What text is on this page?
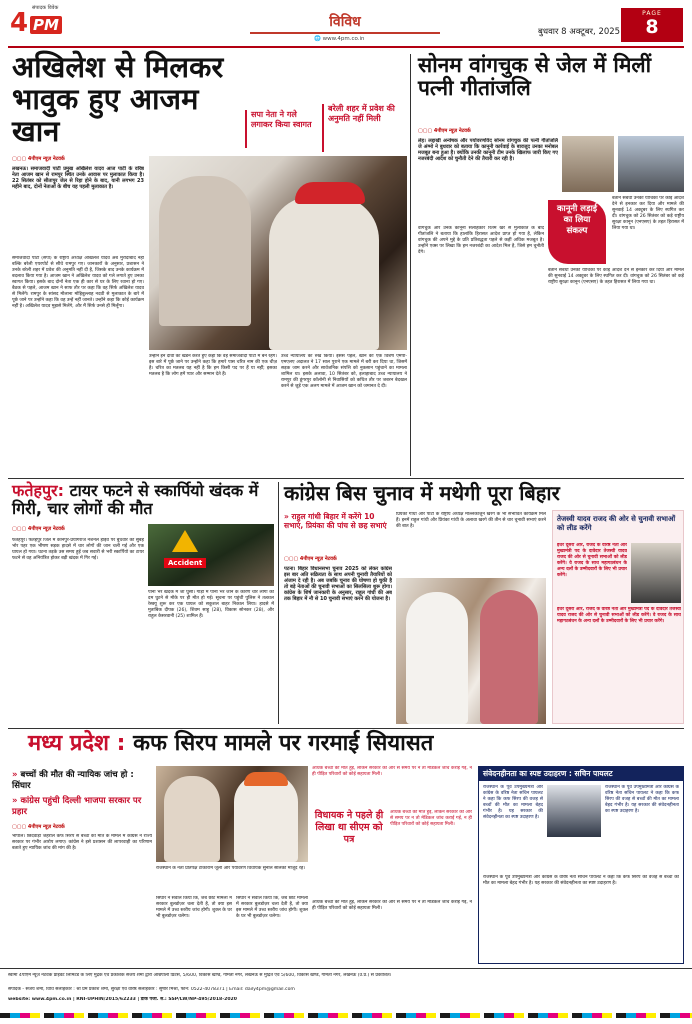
संपादक विवेक
4 PM	विविध
🌐 www.4pm.co.in
बुधवार 8 अक्टूबर, 2025
PAGE
8
अखिलेश से मिलकर भावुक हुए आजम खान	सपा नेता ने गले लगाकर किया स्वागत
बरेली शहर में प्रवेश की अनुमति नहीं मिली
▢▢▢ 4पीएम न्यूज़ नेटवर्क
लखनऊ। समाजवादी पार्टी प्रमुख अखिलेश यादव आज पार्टी के वरिष्ठ नेता आजम खान से रामपुर स्थित उनके आवास पर मुलाकात किया है। 22 सितंबर को सीतापुर जेल से रिहा होने के बाद, यानी लगभग 23 महीने बाद, दोनों नेताओं के बीच यह पहली मुलाकात है।
समाजवादी पार्टी (सपा) के राष्ट्रीय अध्यक्ष अखिलेश यादव अब मुरादाबाद नहीं बल्कि बरेली एयरपोर्ट से सीधे रामपुर गए। जानकारों के अनुसार, प्रशासन ने उनके बरेली शहर में प्रवेश की अनुमति नहीं दी है, जिसके बाद उनके कार्यक्रम में बदलाव किया गया है। आजम खान ने अखिलेश यादव को गले लगाते हुए उनका स्वागत किया। इसके बाद दोनों नेता एक ही कार से घर के लिए रवाना हो गए। बैठक से पहले, आजम खान ने साफ तौर पर कहा कि वह सिर्फ अखिलेश यादव से मिलेंगे। रामपुर के सांसद मौलाना मोहिबुल्लाह नदवी से मुलाकात के बारे में पूछे जाने पर उन्होंने कहा कि वह उन्हें नहीं जानते। उन्होंने कहा कि कोई कार्यक्रम नहीं है। अखिलेश यादव मुझसे मिलेंगे, और मैं सिर्फ उनसे ही मिलूँगा।
उन्होंने इन दावों का खंडन करते हुए कहा कि वह समाजवादी पार्टी में बने रहेंगे। इस बारे में पूछे जाने पर उन्होंने कहा कि हमारे पास चरित्र नाम की एक चीज़ है। चरित्र का मतलब यह नहीं है कि हम किसी पद पर हैं या नहीं; इसका मतलब है कि लोग हमें प्यार और सम्मान देते हैं।
उच्च न्यायालय का रुख किया। इससे पहले, खान को एक विशेष एमपी-एमएलए अदालत ने 17 साल पुराने एक मामले में बरी कर दिया था, जिसमें सड़क जाम करने और सार्वजनिक संपत्ति को नुकसान पहुंचाने का मामला शामिल था। इसके अलावा, 10 सितंबर को, इलाहाबाद उच्च न्यायालय ने रामपुर की डूंगरपुर कॉलोनी से निवासियों को कथित तौर पर जबरन बेदखल करने से जुड़े एक अलग मामले में आजम खान को जमानत दे दी।
सोनम वांगचुक से जेल में मिलीं पत्नी गीतांजलि
▢▢▢ 4पीएम न्यूज़ नेटवर्क
लेह। लद्दाखी अन्वेषक और पर्यावरणविद सोनम वांगचुक की पत्नी गीतांजलि जे अंग्मो ने बुधवार को बताया कि कानूनी कार्रवाई के बावजूद उनका मनोबल मजबूत बना हुआ है। क्योंकि उनकी कानूनी टीम उनके खिलाफ जारी किए गए नजरबंदी आदेश को चुनौती देने की तैयारी कर रही है।
कानूनी लड़ाई का लिया संकल्प
वांगचुक और उनके कानूनी सलाहकार रितम खरे से मुलाकात के बाद गीतांजलि ने बताया कि हालांकि हिरासत आदेश प्राप्त हो गया है, लेकिन वांगचुक की अपने मुद्दे के प्रति प्रतिबद्धता पहले से कहीं अधिक मजबूत है। उन्होंने एक्स पर लिखा कि हम नजरबंदी का आदेश मिल है, जिसे हम चुनौती देंगे।
बताने संबंधी उनकी याचिका पर कोई आदेश देने से इनकार कर दिया और मामले की सुनवाई 14 अक्टूबर के लिए स्थगित कर दी। वांगचुक को 26 सितंबर को कड़े राष्ट्रीय सुरक्षा कानून (एनएसए) के तहत हिरासत में लिया गया था।
बताने संबंधी उनकी याचिका पर कोई आदेश देने से इनकार कर दिया और मामले की सुनवाई 14 अक्टूबर के लिए स्थगित कर दी। वांगचुक को 26 सितंबर को कड़े राष्ट्रीय सुरक्षा कानून (एनएसए) के तहत हिरासत में लिया गया था।
फतेहपुर: टायर फटने से स्कार्पियो खंदक में गिरी, चार लोगों की मौत
▢▢▢ 4पीएम न्यूज़ नेटवर्क
Accident
फतेहपुर। फतेहपुर जिले में कानपुर-प्रयागराज नेशनल हाईवे पर बुधवार की सुबह भोर पहर एक भीषण सड़क हादसे में चार लोगों की जान चली गई और एक घायल हो गया। घटना तड़के उस समय हुई जब सवारी से भरी स्कार्पियो का टायर फटने से वह अनियंत्रित होकर बड़ी खंदक में गिर गई।
पानी भरे खंदक में जा घुसी। गाड़ी में पानी भर जाने के कारण चार लोगों की दम घुटने से मौके पर ही मौत हो गई। सूचना पर पहुंची पुलिस ने तत्काल रेस्क्यू शुरू कर एक घायल को सकुशल बाहर निकाल लिया। हादसे में मुताबिक दीपक (26), शिवम साहू (28), विकास सोनकर (28), और राहुल केसरवानी (25) शामिल हैं।
कांग्रेस बिस चुनाव में मथेगी पूरा बिहार
» राहुल गांधी बिहार में करेंगे 10 सभाएं, प्रियंका की पांच से छह सभाएं
▢▢▢ 4पीएम न्यूज़ नेटवर्क
पटना। बिहार विधानसभा चुनाव 2025 को लेकर कांग्रेस इस बार अति सक्रियता के साथ अपनी चुनावी तैयारियों को अंजाम दे रही है। अब जबकि चुनाव की घोषणा हो चुकी है तो बड़े नेताओं की चुनावी सभाओं का सिलसिला शुरू होगा। कांग्रेस के शिर्ष जानकारी के अनुसार, राहुल गांधी की अब तक बिहार में नौ से 10 चुनावी सभाएं करने की योजना है।
प्रियंका गांधी और पार्टी के राष्ट्रीय अध्यक्ष मल्लिकार्जुन खरगे के भी संभावित कार्यक्रम मिले हैं। इनमें राहुल गांधी और प्रियंका गांधी के अलावा खरगे की तीन से चार चुनावी सभाएं करने की बात है।
तेजस्वी यादव राजद की ओर से चुनावी सभाओं को लीड करेंगे
इधर दूसरी ओर, राजद के वरिष्ठ नेता और मुख्यमंत्री पद के दावेदार तेजस्वी यादव राजद की ओर से चुनावी सभाओं को लीड करेंगे। वे राजद के साथ महागठबंधन के अन्य दलों के उम्मीदवारों के लिए भी प्रचार करेंगे।
इधर दूसरी ओर, राजद के वरिष्ठ नेता और मुख्यमंत्री पद के दावेदार तेजस्वी यादव राजद की ओर से चुनावी सभाओं को लीड करेंगे। वे राजद के साथ महागठबंधन के अन्य दलों के उम्मीदवारों के लिए भी प्रचार करेंगे।
मध्य प्रदेश : कफ सिरप मामले पर गरमाई सियासत
» बच्चों की मौत की न्यायिक जांच हो : सिंघार
» कांग्रेस पहुंची दिल्ली भाजपा सरकार पर प्रहार
▢▢▢ 4पीएम न्यूज़ नेटवर्क
भोपाल। छिंदवाड़ा जहरीले कफ सिरप से बच्चों की मौत के मामले में कांग्रेस ने राज्य सरकार पर गंभीर आरोप लगाए। कांग्रेस ने इसे प्रशासन की लापरवाही का परिणाम बताते हुए न्यायिक जांच की मांग की है।
राजस्थान के नेता प्रतिपक्ष टीकाराम जूली और पर्यावरण विधायक सुनील सोलंकी मौजूद रहे।
सिंघार ने सवाल किया कि, जब छोटे मामलों में सरकार बुलडोज़र चला देती है, तो क्या इस मामले में उच्च स्तरीय जांच होगी। शुक्ल के घर भी बुलडोज़र चलेगा।
सिंघार ने सवाल किया कि, जब छोटे मामलों में सरकार बुलडोज़र चला देती है, तो क्या इस मामले में उच्च स्तरीय जांच होगी। शुक्ल के घर भी बुलडोज़र चलेगा।
अधिक बच्चों की मौत हुई, लेकिन सरकार की ओर से समय पर न तो मेडिकल जांच कराई गई, न ही पीड़ित परिवारों को कोई सहायता मिली।
विधायक ने पहले ही लिखा था सीएम को पत्र
अधिक बच्चों की मौत हुई, लेकिन सरकार की ओर से समय पर न तो मेडिकल जांच कराई गई, न ही पीड़ित परिवारों को कोई सहायता मिली।
अधिक बच्चों की मौत हुई, लेकिन सरकार की ओर से समय पर न तो मेडिकल जांच कराई गई, न ही पीड़ित परिवारों को कोई सहायता मिली।
संवेदनहीनता का स्पष्ट उदाहरण : सचिन पायलट
राजस्थान के पूर्व उपमुख्यमंत्री और कांग्रेस के वरिष्ठ नेता सचिन पायलट ने कहा कि कफ सिरप की वजह से बच्चों की मौत का मामला बेहद गंभीर है। यह सरकार की संवेदनहीनता का स्पष्ट उदाहरण है।
राजस्थान के पूर्व उपमुख्यमंत्री और कांग्रेस के वरिष्ठ नेता सचिन पायलट ने कहा कि कफ सिरप की वजह से बच्चों की मौत का मामला बेहद गंभीर है। यह सरकार की संवेदनहीनता का स्पष्ट उदाहरण है।
राजस्थान के पूर्व उपमुख्यमंत्री और कांग्रेस के वरिष्ठ नेता सचिन पायलट ने कहा कि कफ सिरप की वजह से बच्चों की मौत का मामला बेहद गंभीर है। यह सरकार की संवेदनहीनता का स्पष्ट उदाहरण है।
स्वामी 4पीएम न्यूज़ नेटवर्क प्राइवेट लिमिटेड के लिए मुद्रक एवं प्रकाशक संजय शर्मा द्वारा आम्रपाली प्रिंटर्स, 5/600, विकास खण्ड, गोमती नगर, लखनऊ से मुद्रित एवं 5/600, विकास खण्ड, गोमती नगर, लखनऊ (उ.प्र.) से प्रकाशित।
संपादक - संजय शर्मा, विधि सलाहकार : श्री प्रेम प्रकाश शर्मा, सुरक्षा एवं वरिष्ठ सलाहकार : सुषीर मिश्रा, फोन: 0522-4078371 | Email: daily4pm@gmail.com
website: www.4pm.co.in | RNI-UPHIN/2015/62233 | डाक पंजी. सं.: SSP/LW/NP-495/2018-2020
